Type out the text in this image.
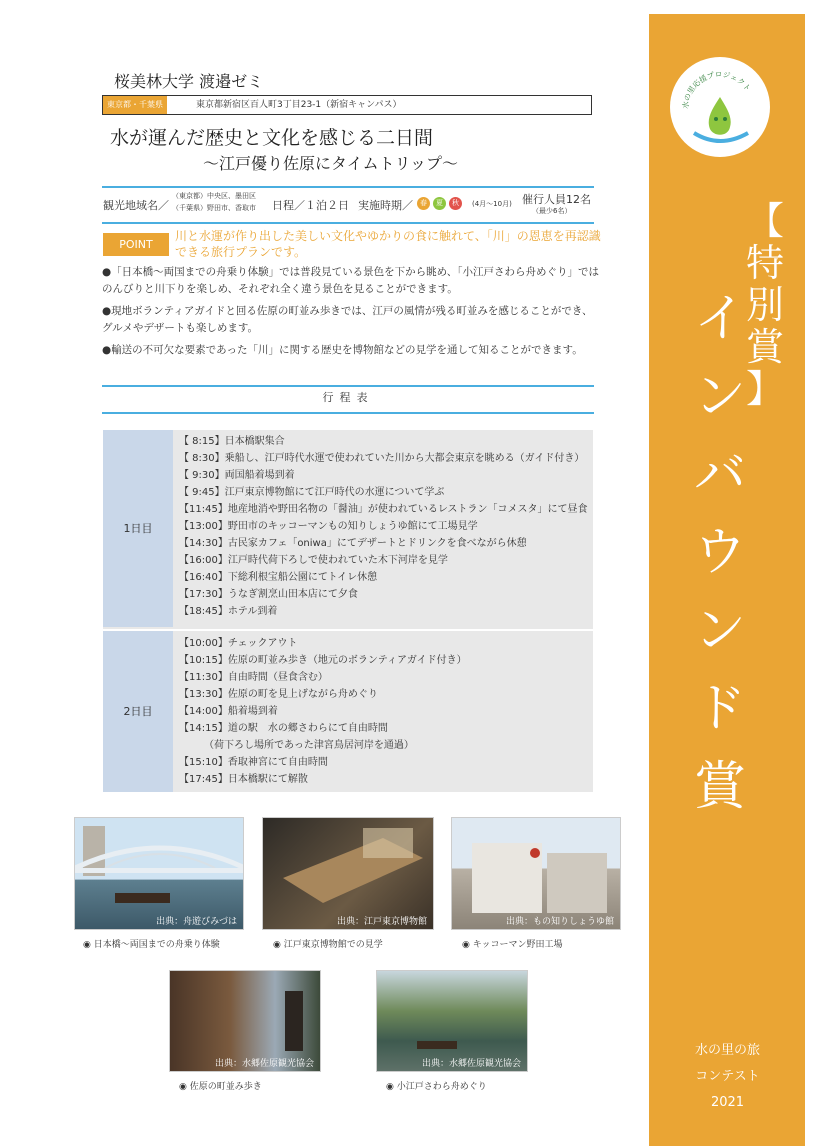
水の里応援プロジェクト
【
特別賞
】
イ
ン
バ
ウ
ン
ド
賞
水の里の旅
コンテスト
2021
桜美林大学 渡邉ゼミ
東京都・千葉県	東京都新宿区百人町3丁目23-1（新宿キャンパス）
水が運んだ歴史と文化を感じる二日間
～江戸優り佐原にタイムトリップ～
観光地域名／
（東京都）中央区、墨田区
（千葉県）野田市、香取市 日程／１泊２日 実施時期／	春	夏	秋	(4月〜10月) 催行人員12名
（最少6名）
POINT
川と水運が作り出した美しい文化やゆかりの食に触れて、「川」の恩恵を再認識できる旅行プランです。
●「日本橋～両国までの舟乗り体験」では普段見ている景色を下から眺め、「小江戸さわら舟めぐり」ではのんびりと川下りを楽しめ、それぞれ全く違う景色を見ることができます。
●現地ボランティアガイドと回る佐原の町並み歩きでは、江戸の風情が残る町並みを感じることができ、グルメやデザートも楽しめます。
●輸送の不可欠な要素であった「川」に関する歴史を博物館などの見学を通して知ることができます。
行程表
1日目
【 8:15】日本橋駅集合
【 8:30】乗船し、江戸時代水運で使われていた川から大都会東京を眺める（ガイド付き）
【 9:30】両国船着場到着
【 9:45】江戸東京博物館にて江戸時代の水運について学ぶ
【11:45】地産地消や野田名物の「醤油」が使われているレストラン「コメスタ」にて昼食
【13:00】野田市のキッコーマンもの知りしょうゆ館にて工場見学
【14:30】古民家カフェ「oniwa」にてデザートとドリンクを食べながら休憩
【16:00】江戸時代荷下ろしで使われていた木下河岸を見学
【16:40】下総利根宝船公園にてトイレ休憩
【17:30】うなぎ割烹山田本店にて夕食
【18:45】ホテル到着
2日目
【10:00】チェックアウト
【10:15】佐原の町並み歩き（地元のボランティアガイド付き）
【11:30】自由時間（昼食含む）
【13:30】佐原の町を見上げながら舟めぐり
【14:00】船着場到着
【14:15】道の駅　水の郷さわらにて自由時間
　　　（荷下ろし場所であった津宮鳥居河岸を通過）
【15:10】香取神宮にて自由時間
【17:45】日本橋駅にて解散
出典：舟遊びみづは
◉ 日本橋～両国までの舟乗り体験
出典：江戸東京博物館
◉ 江戸東京博物館での見学
出典：もの知りしょうゆ館
◉ キッコーマン野田工場
出典：水郷佐原観光協会
◉ 佐原の町並み歩き
出典：水郷佐原観光協会
◉ 小江戸さわら舟めぐり
